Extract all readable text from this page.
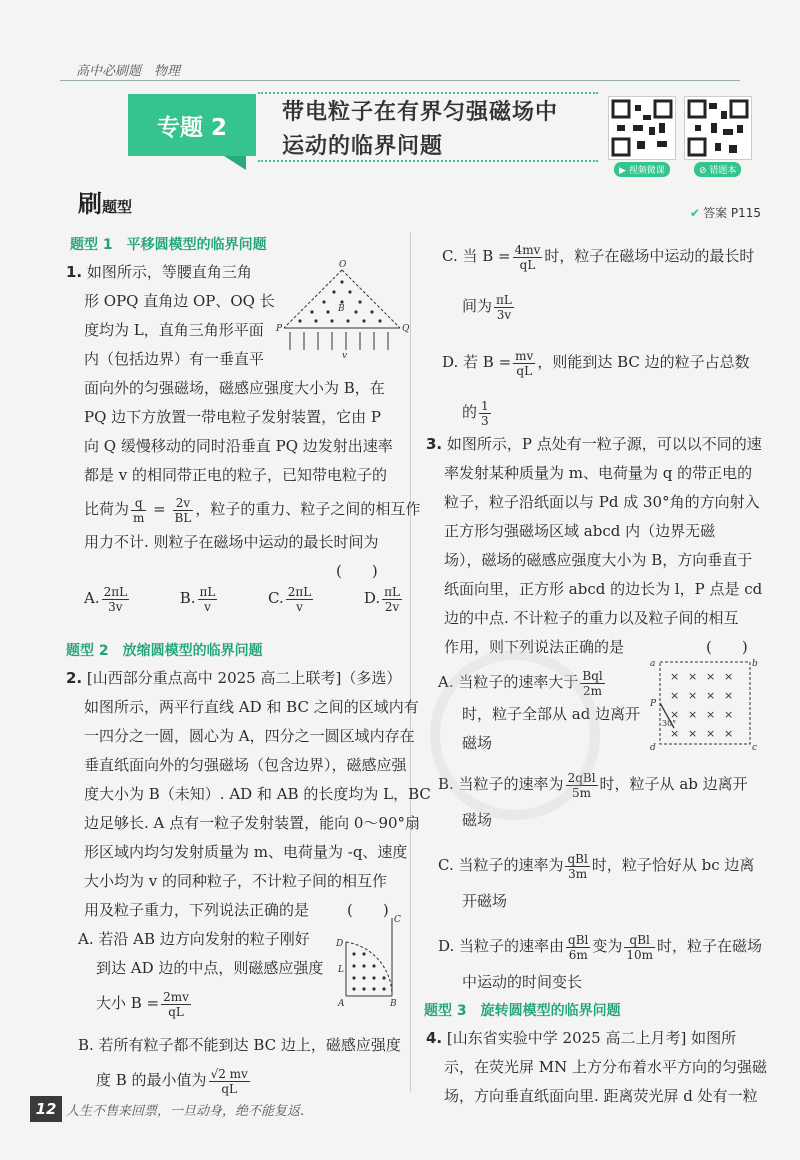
高中必刷题　物理
专题 2
带电粒子在有界匀强磁场中
运动的临界问题
▶ 视频微课	⊘ 错题本
刷题型	✔ 答案 P115
题型 1　平移圆模型的临界问题
1. 如图所示，等腰直角三角
形 OPQ 直角边 OP、OQ 长
度均为 L，直角三角形平面
内（包括边界）有一垂直平
面向外的匀强磁场，磁感应强度大小为 B，在
PQ 边下方放置一带电粒子发射装置，它由 P
向 Q 缓慢移动的同时沿垂直 PQ 边发射出速率
都是 v 的相同带正电的粒子，已知带电粒子的
比荷为 $\frac{q}{m} = \frac{2v}{BL}$ ，粒子的重力、粒子之间的相互作
用力不计. 则粒子在磁场中运动的最长时间为
(　　)
A. $\frac{2\pi L}{3v}$	B. $\frac{\pi L}{v}$	C. $\frac{2\pi L}{v}$	D. $\frac{\pi L}{2v}$
O
P	Q
B
v
题型 2　放缩圆模型的临界问题
2. [山西部分重点高中 2025 高二上联考]（多选）
如图所示，两平行直线 AD 和 BC 之间的区域内有
一四分之一圆，圆心为 A，四分之一圆区域内存在
垂直纸面向外的匀强磁场（包含边界），磁感应强
度大小为 B（未知）. AD 和 AB 的长度均为 L，BC
边足够长. A 点有一粒子发射装置，能向 0～90°扇
形区域内均匀发射质量为 m、电荷量为 -q、速度
大小均为 v 的同种粒子，不计粒子间的相互作
用及粒子重力，下列说法正确的是	(　　)
A. 若沿 AB 边方向发射的粒子刚好
到达 AD 边的中点，则磁感应强度
大小 $B = \frac{2mv}{qL}$
B. 若所有粒子都不能到达 BC 边上，磁感应强度
度 B 的最小值为 $\frac{√2 mv}{qL}$
C
D
A	B
L
C. 当 $B = \frac{4mv}{qL}$ 时，粒子在磁场中运动的最长时
间为 $\frac{\pi L}{3v}$
D. 若 $B = \frac{mv}{qL}$ ，则能到达 BC 边的粒子占总数
的 $\frac{1}{3}$
3. 如图所示，P 点处有一粒子源，可以以不同的速
率发射某种质量为 m、电荷量为 q 的带正电的
粒子，粒子沿纸面以与 Pd 成 30°角的方向射入
正方形匀强磁场区域 abcd 内（边界无磁
场），磁场的磁感应强度大小为 B，方向垂直于
纸面向里，正方形 abcd 的边长为 l，P 点是 cd
边的中点. 不计粒子的重力以及粒子间的相互
作用，则下列说法正确的是	(　　)
A. 当粒子的速率大于 $\frac{\text{Bql}}{2m}$
时，粒子全部从 ad 边离开
磁场
B. 当粒子的速率为 $\frac{\text{2qBl}}{5m}$ 时，粒子从 ab 边离开
磁场
C. 当粒子的速率为 $\frac{\text{qBl}}{3m}$ 时，粒子恰好从 bc 边离
开磁场
D. 当粒子的速率由 $\frac{\text{qBl}}{6m}$ 变为 $\frac{\text{qBl}}{10m}$ 时，粒子在磁场
中运动的时间变长
× × × ×
× × × ×
× × × ×
× × × ×
a	b
c
d
P
30°
题型 3　旋转圆模型的临界问题
4. [山东省实验中学 2025 高二上月考] 如图所
示，在荧光屏 MN 上方分布着水平方向的匀强磁
场，方向垂直纸面向里. 距离荧光屏 d 处有一粒
12 人生不售来回票，一旦动身，绝不能复返.
